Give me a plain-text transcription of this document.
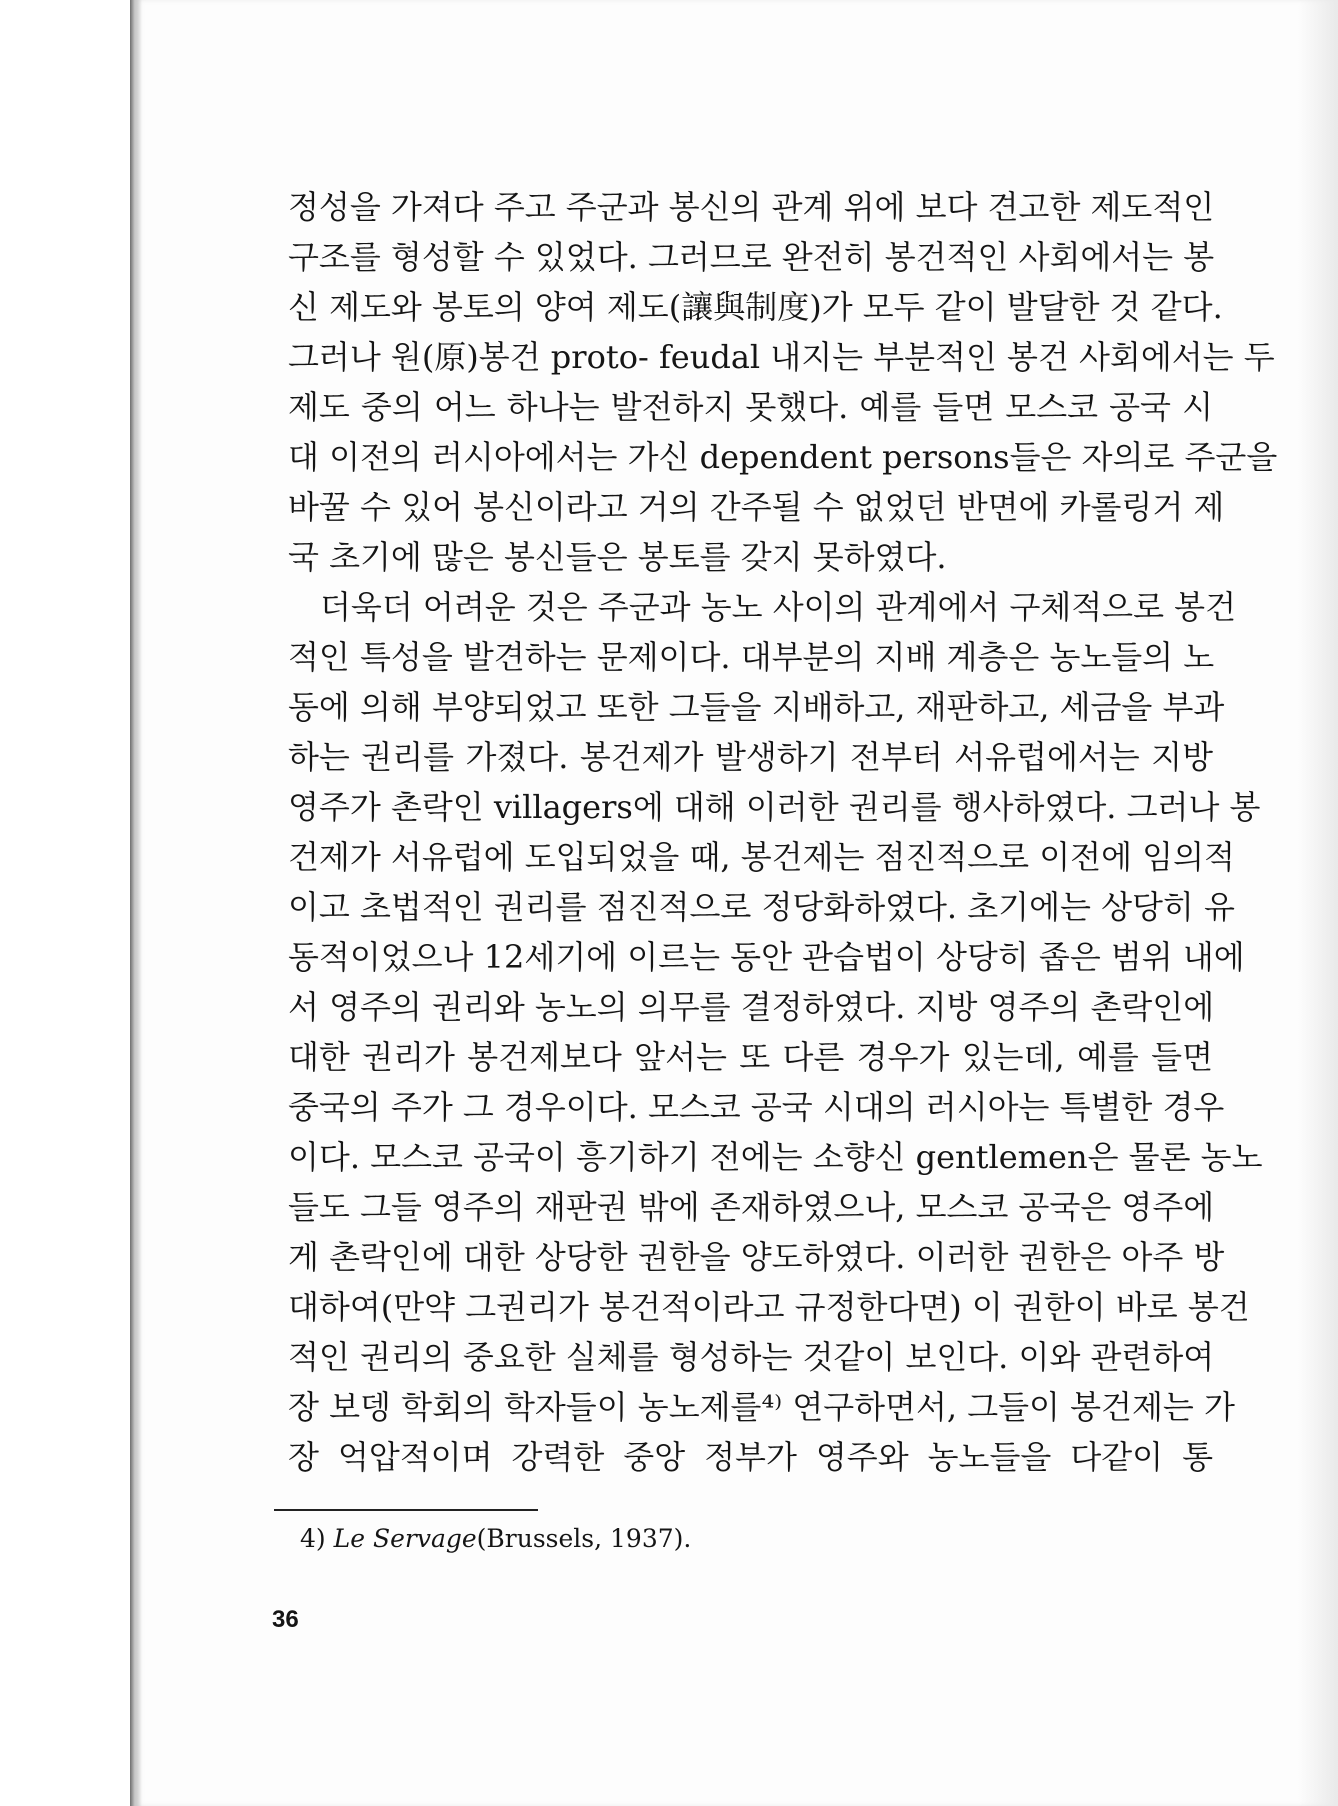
정성을 가져다 주고 주군과 봉신의 관계 위에 보다 견고한 제도적인
구조를 형성할 수 있었다. 그러므로 완전히 봉건적인 사회에서는 봉
신 제도와 봉토의 양여 제도(讓與制度)가 모두 같이 발달한 것 같다.
그러나 원(原)봉건 proto- feudal 내지는 부분적인 봉건 사회에서는 두
제도 중의 어느 하나는 발전하지 못했다. 예를 들면 모스코 공국 시
대 이전의 러시아에서는 가신 dependent persons들은 자의로 주군을
바꿀 수 있어 봉신이라고 거의 간주될 수 없었던 반면에 카롤링거 제
국 초기에 많은 봉신들은 봉토를 갖지 못하였다.
더욱더 어려운 것은 주군과 농노 사이의 관계에서 구체적으로 봉건
적인 특성을 발견하는 문제이다. 대부분의 지배 계층은 농노들의 노
동에 의해 부양되었고 또한 그들을 지배하고, 재판하고, 세금을 부과
하는 권리를 가졌다. 봉건제가 발생하기 전부터 서유럽에서는 지방
영주가 촌락인 villagers에 대해 이러한 권리를 행사하였다. 그러나 봉
건제가 서유럽에 도입되었을 때, 봉건제는 점진적으로 이전에 임의적
이고 초법적인 권리를 점진적으로 정당화하였다. 초기에는 상당히 유
동적이었으나 12세기에 이르는 동안 관습법이 상당히 좁은 범위 내에
서 영주의 권리와 농노의 의무를 결정하였다. 지방 영주의 촌락인에
대한 권리가 봉건제보다 앞서는 또 다른 경우가 있는데, 예를 들면
중국의 주가 그 경우이다. 모스코 공국 시대의 러시아는 특별한 경우
이다. 모스코 공국이 흥기하기 전에는 소향신 gentlemen은 물론 농노
들도 그들 영주의 재판권 밖에 존재하였으나, 모스코 공국은 영주에
게 촌락인에 대한 상당한 권한을 양도하였다. 이러한 권한은 아주 방
대하여(만약 그권리가 봉건적이라고 규정한다면) 이 권한이 바로 봉건
적인 권리의 중요한 실체를 형성하는 것같이 보인다. 이와 관련하여
장 보뎅 학회의 학자들이 농노제를⁴⁾ 연구하면서, 그들이 봉건제는 가
장 억압적이며 강력한 중앙 정부가 영주와 농노들을 다같이 통
4) Le Servage(Brussels, 1937).
36
